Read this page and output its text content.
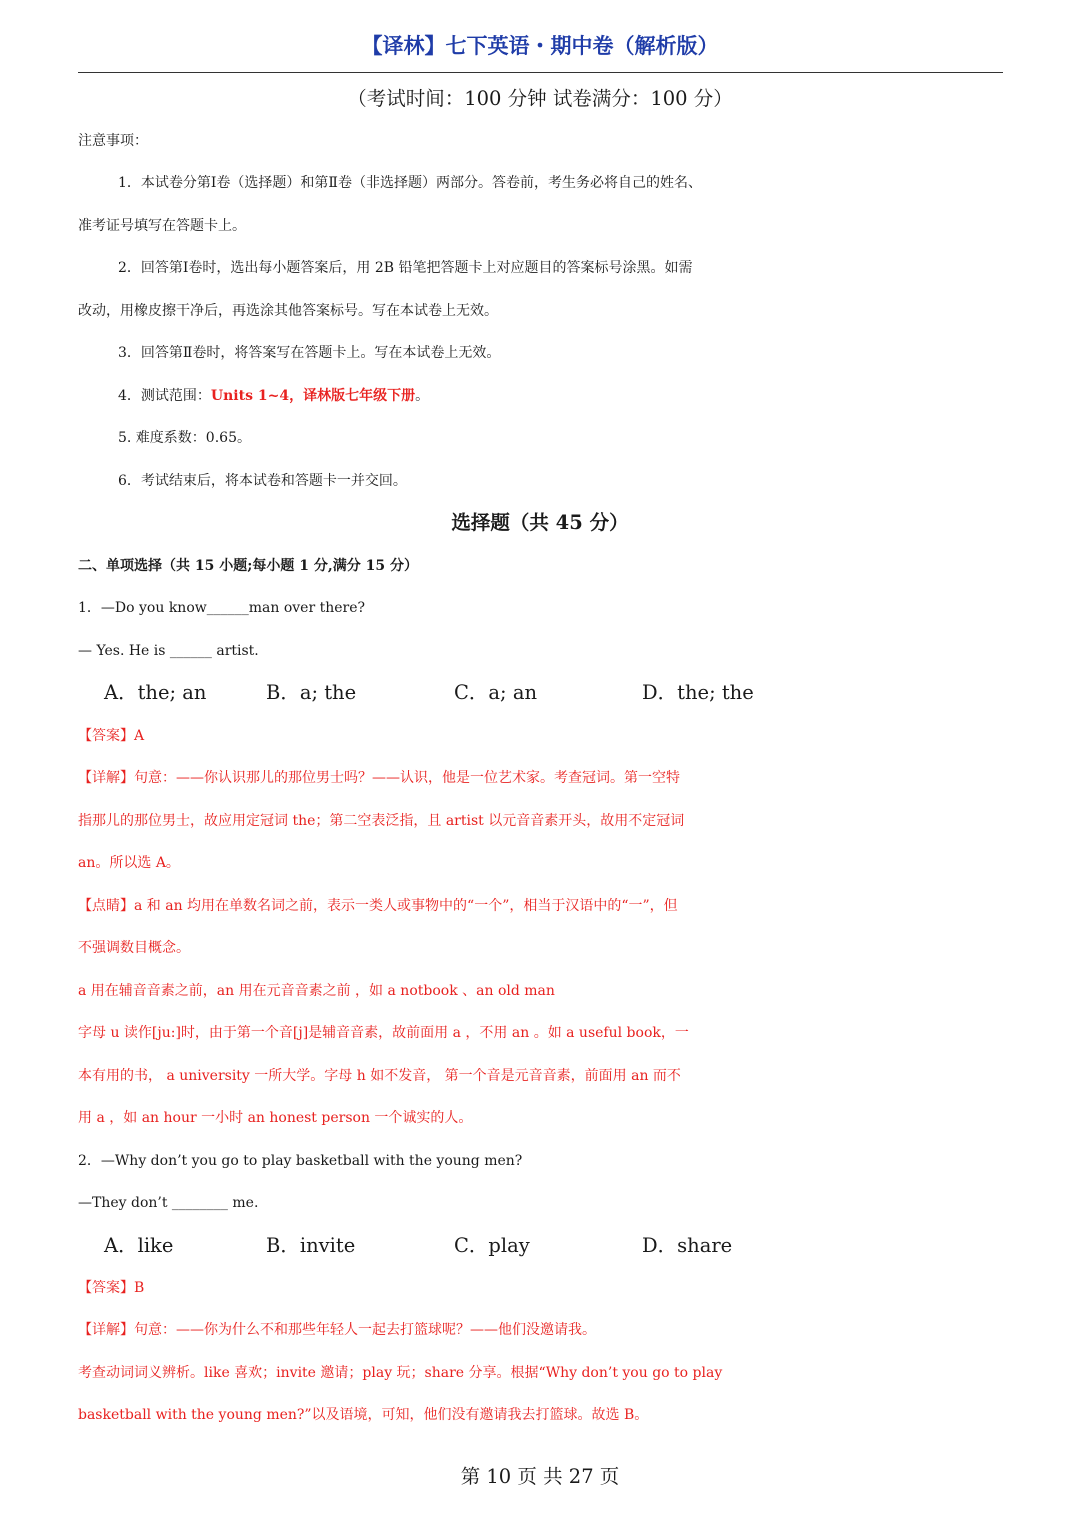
【译林】七下英语・期中卷（解析版）
（考试时间：100 分钟 试卷满分：100 分）
注意事项：
1．本试卷分第Ⅰ卷（选择题）和第Ⅱ卷（非选择题）两部分。答卷前，考生务必将自己的姓名、
准考证号填写在答题卡上。
2．回答第Ⅰ卷时，选出每小题答案后，用 2B 铅笔把答题卡上对应题目的答案标号涂黑。如需
改动，用橡皮擦干净后，再选涂其他答案标号。写在本试卷上无效。
3．回答第Ⅱ卷时，将答案写在答题卡上。写在本试卷上无效。
4．测试范围：Units 1~4，译林版七年级下册。
5. 难度系数：0.65。
6．考试结束后，将本试卷和答题卡一并交回。
选择题（共 45 分）
二、单项选择（共 15 小题;每小题 1 分,满分 15 分）
1．—Do you know______man over there?
— Yes. He is ______ artist.
A．the; an	B．a; the	C．a; an	D．the; the
【答案】A
【详解】句意：——你认识那儿的那位男士吗？——认识，他是一位艺术家。考查冠词。第一空特
指那儿的那位男士，故应用定冠词 the；第二空表泛指，且 artist 以元音音素开头，故用不定冠词
an。所以选 A。
【点睛】a 和 an 均用在单数名词之前，表示一类人或事物中的“一个”，相当于汉语中的“一”，但
不强调数目概念。
a 用在辅音音素之前，an 用在元音音素之前 ，如 a notbook 、an old man
字母 u 读作[ju:]时，由于第一个音[j]是辅音音素，故前面用 a ，不用 an 。如 a useful book，一
本有用的书， a university 一所大学。字母 h 如不发音， 第一个音是元音音素，前面用 an 而不
用 a ，如 an hour 一小时 an honest person 一个诚实的人。
2．—Why don’t you go to play basketball with the young men?
—They don’t ________ me.
A．like	B．invite	C．play	D．share
【答案】B
【详解】句意：——你为什么不和那些年轻人一起去打篮球呢？——他们没邀请我。
考查动词词义辨析。like 喜欢；invite 邀请；play 玩；share 分享。根据“Why don’t you go to play
basketball with the young men?”以及语境，可知，他们没有邀请我去打篮球。故选 B。
第 10 页 共 27 页
